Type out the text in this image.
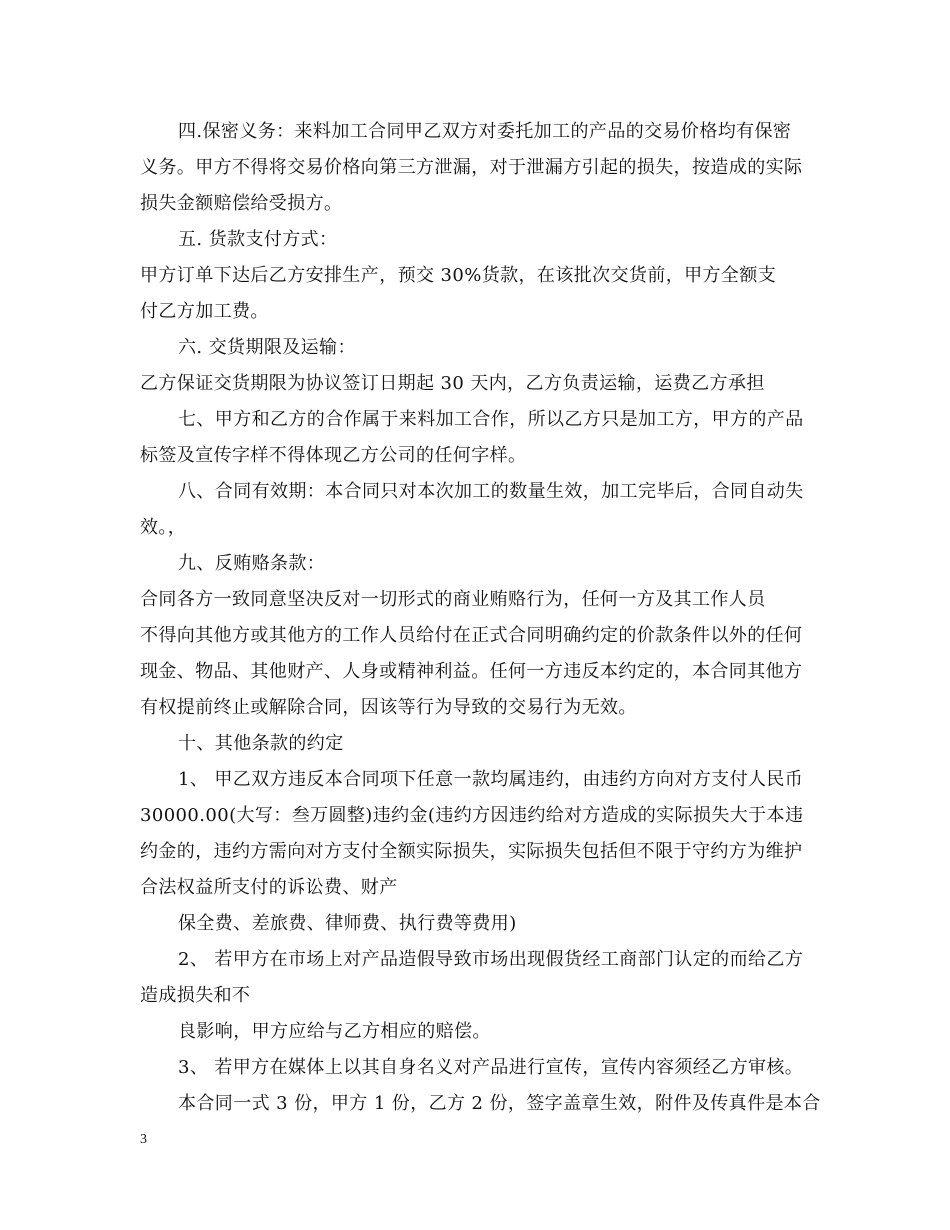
四.保密义务：来料加工合同甲乙双方对委托加工的产品的交易价格均有保密
义务。甲方不得将交易价格向第三方泄漏，对于泄漏方引起的损失，按造成的实际
损失金额赔偿给受损方。
五. 货款支付方式：
甲方订单下达后乙方安排生产，预交 30%货款，在该批次交货前，甲方全额支
付乙方加工费。
六. 交货期限及运输：
乙方保证交货期限为协议签订日期起 30 天内，乙方负责运输，运费乙方承担
七、甲方和乙方的合作属于来料加工合作，所以乙方只是加工方，甲方的产品
标签及宣传字样不得体现乙方公司的任何字样。
八、合同有效期：本合同只对本次加工的数量生效，加工完毕后，合同自动失
效。，
九、反贿赂条款：
合同各方一致同意坚决反对一切形式的商业贿赂行为，任何一方及其工作人员
不得向其他方或其他方的工作人员给付在正式合同明确约定的价款条件以外的任何
现金、物品、其他财产、人身或精神利益。任何一方违反本约定的，本合同其他方
有权提前终止或解除合同，因该等行为导致的交易行为无效。
十、其他条款的约定
1、 甲乙双方违反本合同项下任意一款均属违约，由违约方向对方支付人民币
30000.00(大写：叁万圆整)违约金(违约方因违约给对方造成的实际损失大于本违
约金的，违约方需向对方支付全额实际损失，实际损失包括但不限于守约方为维护
合法权益所支付的诉讼费、财产
保全费、差旅费、律师费、执行费等费用)
2、 若甲方在市场上对产品造假导致市场出现假货经工商部门认定的而给乙方
造成损失和不
良影响，甲方应给与乙方相应的赔偿。
3、 若甲方在媒体上以其自身名义对产品进行宣传，宣传内容须经乙方审核。
本合同一式 3 份，甲方 1 份，乙方 2 份，签字盖章生效，附件及传真件是本合
3
